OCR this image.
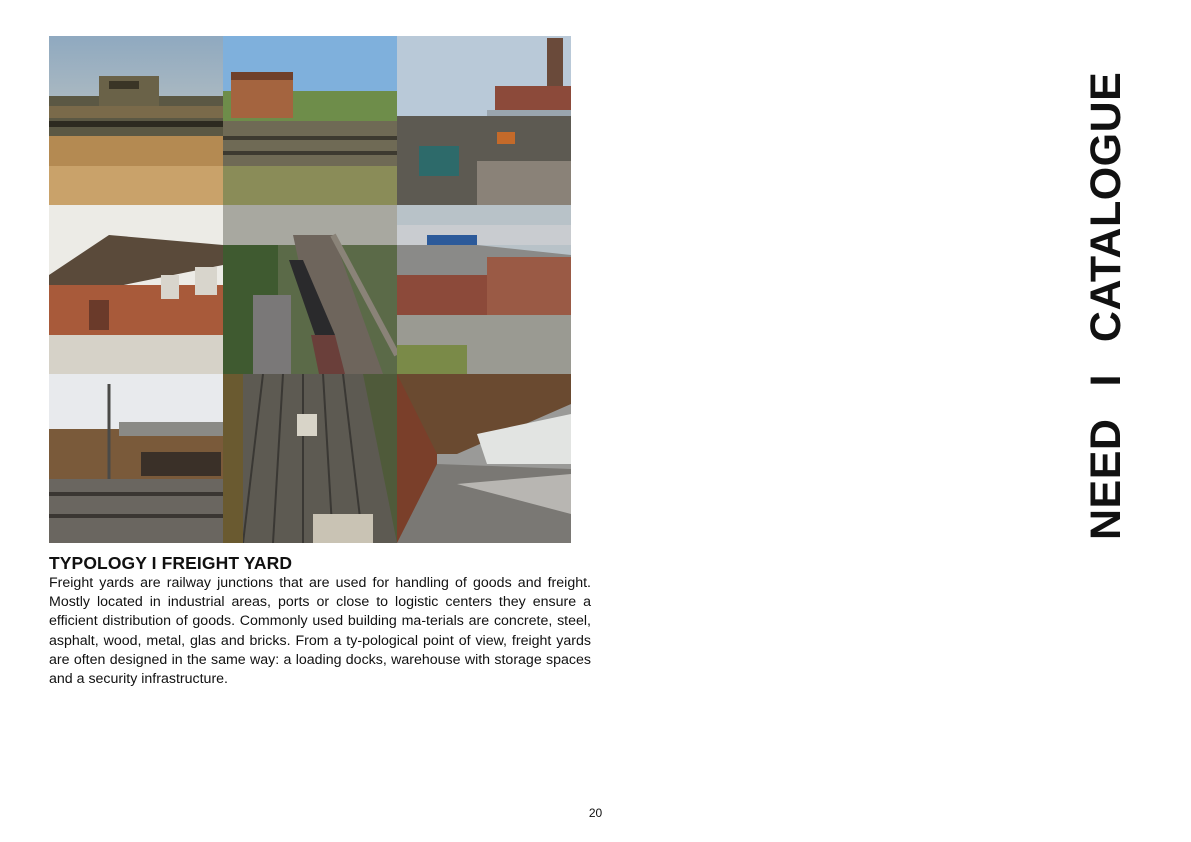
TYPOLOGY I FREIGHT YARD

Freight yards are railway junctions that are used for handling of goods and freight. Mostly located in industrial areas, ports or close to logistic centers they ensure a efficient distribution of goods. Commonly used building ma-terials are concrete, steel, asphalt, wood, metal, glas and bricks. From a ty-pological point of view, freight yards are often designed in the same way: a loading docks, warehouse with storage spaces and a security infrastructure.

20
NEEDICATALOGUE
